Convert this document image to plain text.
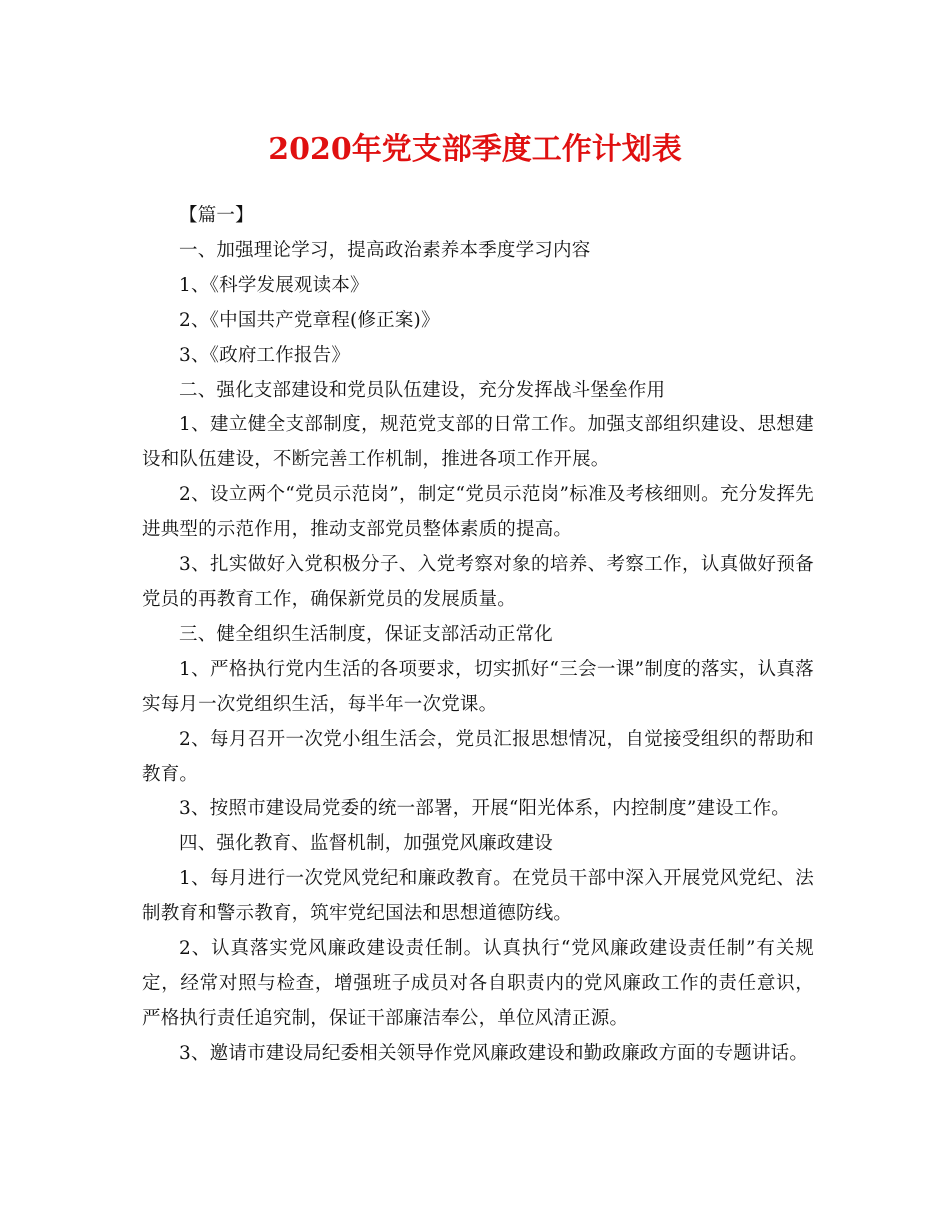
2020年党支部季度工作计划表

【篇一】

一、加强理论学习，提高政治素养本季度学习内容

1、《科学发展观读本》

2、《中国共产党章程(修正案)》

3、《政府工作报告》

二、强化支部建设和党员队伍建设，充分发挥战斗堡垒作用

1、建立健全支部制度，规范党支部的日常工作。加强支部组织建设、思想建设和队伍建设，不断完善工作机制，推进各项工作开展。

2、设立两个“党员示范岗”，制定“党员示范岗”标准及考核细则。充分发挥先进典型的示范作用，推动支部党员整体素质的提高。

3、扎实做好入党积极分子、入党考察对象的培养、考察工作，认真做好预备党员的再教育工作，确保新党员的发展质量。

三、健全组织生活制度，保证支部活动正常化

1、严格执行党内生活的各项要求，切实抓好“三会一课”制度的落实，认真落实每月一次党组织生活，每半年一次党课。

2、每月召开一次党小组生活会，党员汇报思想情况，自觉接受组织的帮助和教育。

3、按照市建设局党委的统一部署，开展“阳光体系，内控制度”建设工作。

四、强化教育、监督机制，加强党风廉政建设

1、每月进行一次党风党纪和廉政教育。在党员干部中深入开展党风党纪、法制教育和警示教育，筑牢党纪国法和思想道德防线。

2、认真落实党风廉政建设责任制。认真执行“党风廉政建设责任制”有关规定，经常对照与检查，增强班子成员对各自职责内的党风廉政工作的责任意识，严格执行责任追究制，保证干部廉洁奉公，单位风清正源。

3、邀请市建设局纪委相关领导作党风廉政建设和勤政廉政方面的专题讲话。
